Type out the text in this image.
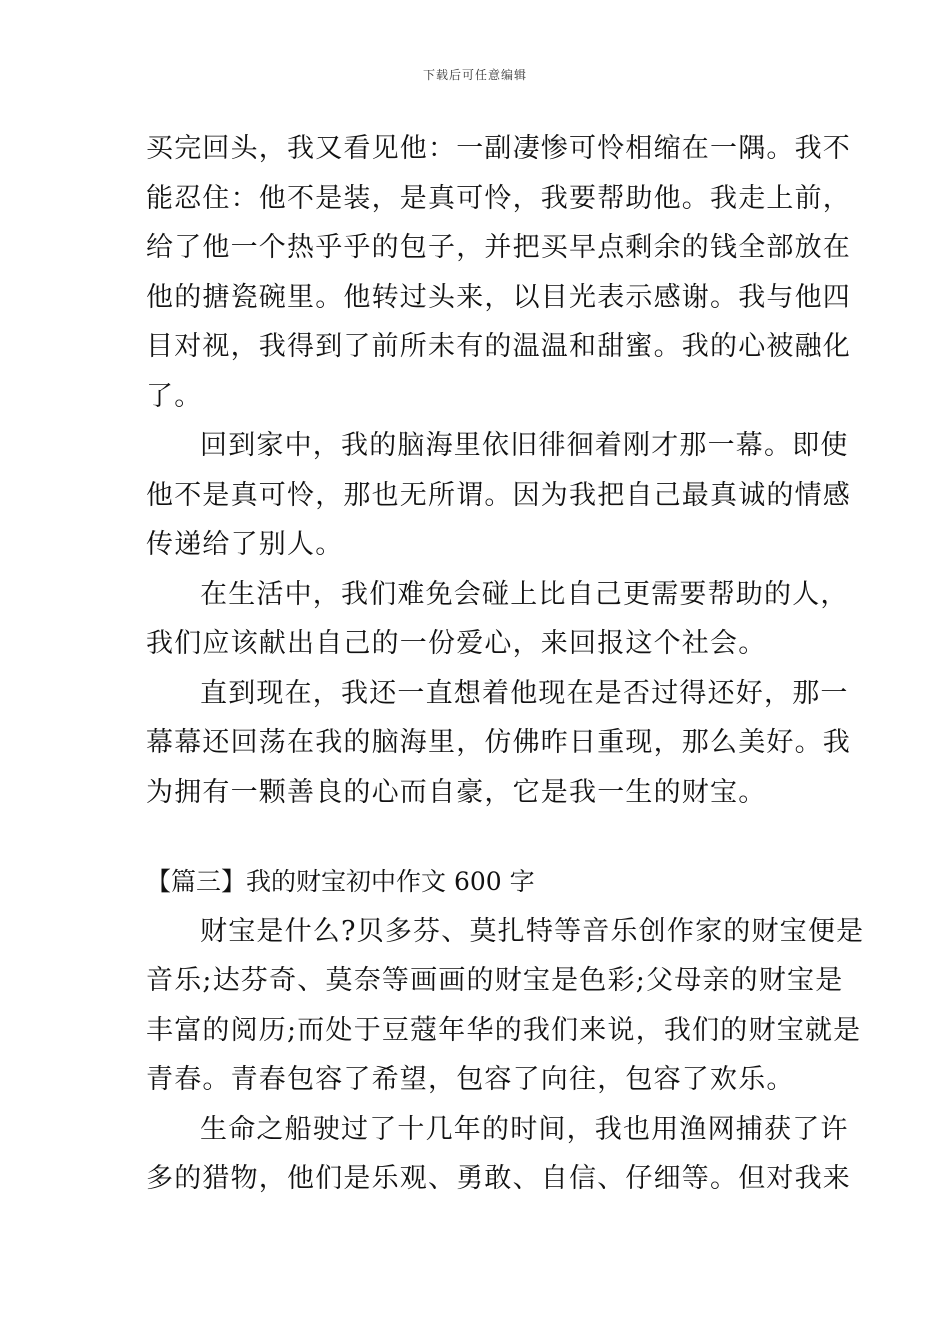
下载后可任意编辑
买完回头，我又看见他：一副凄惨可怜相缩在一隅。我不
能忍住：他不是装，是真可怜，我要帮助他。我走上前，
给了他一个热乎乎的包子，并把买早点剩余的钱全部放在
他的搪瓷碗里。他转过头来，以目光表示感谢。我与他四
目对视，我得到了前所未有的温温和甜蜜。我的心被融化
了。
回到家中，我的脑海里依旧徘徊着刚才那一幕。即使
他不是真可怜，那也无所谓。因为我把自己最真诚的情感
传递给了别人。
在生活中，我们难免会碰上比自己更需要帮助的人，
我们应该献出自己的一份爱心，来回报这个社会。
直到现在，我还一直想着他现在是否过得还好，那一
幕幕还回荡在我的脑海里，仿佛昨日重现，那么美好。我
为拥有一颗善良的心而自豪，它是我一生的财宝。
【篇三】我的财宝初中作文 600 字
财宝是什么?贝多芬、莫扎特等音乐创作家的财宝便是
音乐;达芬奇、莫奈等画画的财宝是色彩;父母亲的财宝是
丰富的阅历;而处于豆蔻年华的我们来说，我们的财宝就是
青春。青春包容了希望，包容了向往，包容了欢乐。
生命之船驶过了十几年的时间，我也用渔网捕获了许
多的猎物，他们是乐观、勇敢、自信、仔细等。但对我来
